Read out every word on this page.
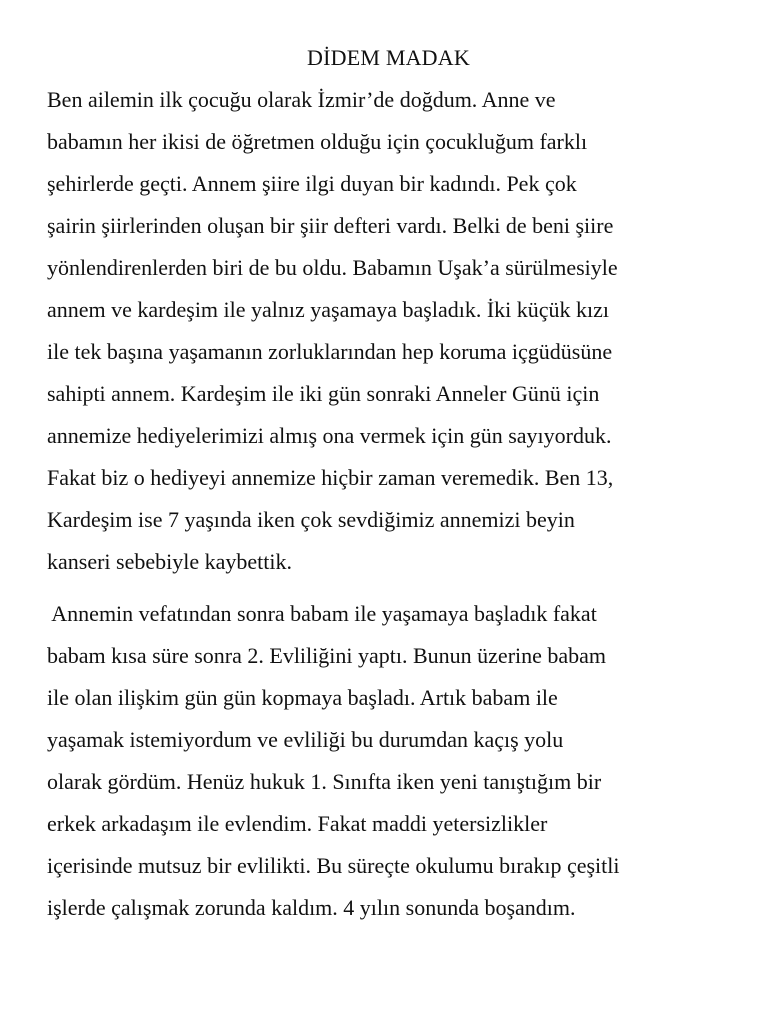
DİDEM MADAK

Ben ailemin ilk çocuğu olarak İzmir’de doğdum. Anne ve
babamın her ikisi de öğretmen olduğu için çocukluğum farklı
şehirlerde geçti. Annem şiire ilgi duyan bir kadındı. Pek çok
şairin şiirlerinden oluşan bir şiir defteri vardı. Belki de beni şiire
yönlendirenlerden biri de bu oldu. Babamın Uşak’a sürülmesiyle
annem ve kardeşim ile yalnız yaşamaya başladık. İki küçük kızı
ile tek başına yaşamanın zorluklarından hep koruma içgüdüsüne
sahipti annem. Kardeşim ile iki gün sonraki Anneler Günü için
annemize hediyelerimizi almış ona vermek için gün sayıyorduk.
Fakat biz o hediyeyi annemize hiçbir zaman veremedik. Ben 13,
Kardeşim ise 7 yaşında iken çok sevdiğimiz annemizi beyin
kanseri sebebiyle kaybettik.

Annemin vefatından sonra babam ile yaşamaya başladık fakat
babam kısa süre sonra 2. Evliliğini yaptı. Bunun üzerine babam
ile olan ilişkim gün gün kopmaya başladı. Artık babam ile
yaşamak istemiyordum ve evliliği bu durumdan kaçış yolu
olarak gördüm. Henüz hukuk 1. Sınıfta iken yeni tanıştığım bir
erkek arkadaşım ile evlendim. Fakat maddi yetersizlikler
içerisinde mutsuz bir evlilikti. Bu süreçte okulumu bırakıp çeşitli
işlerde çalışmak zorunda kaldım. 4 yılın sonunda boşandım.
